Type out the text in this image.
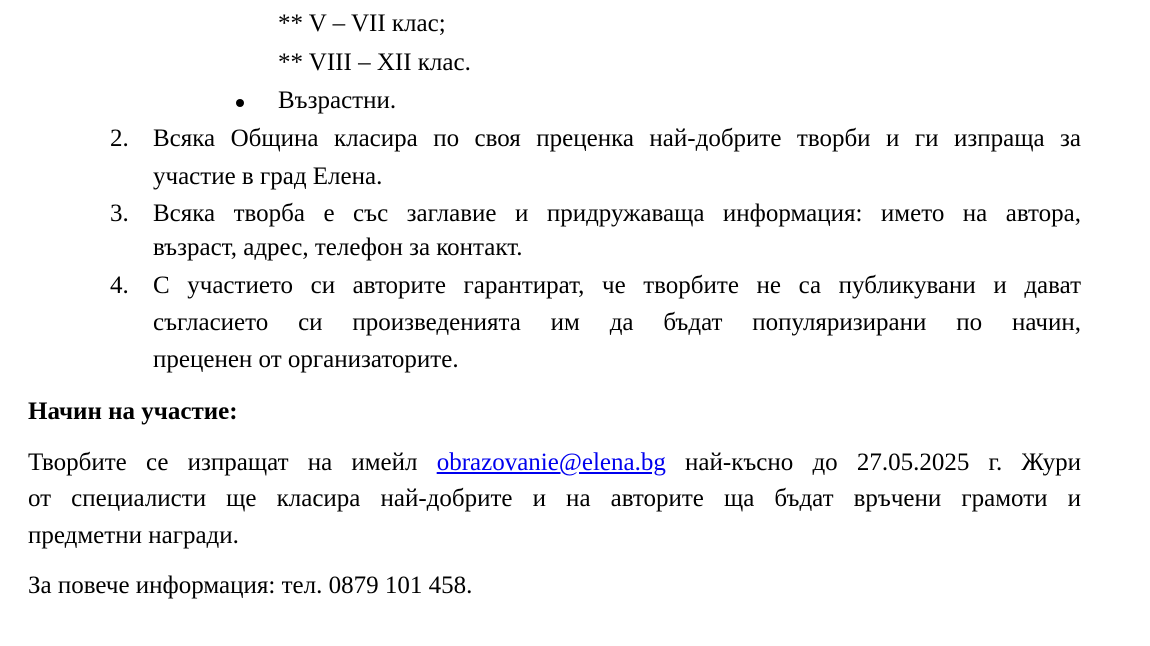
** V – VII клас;
** VIII – XII клас.
Възрастни.
2. Всяка Община класира по своя преценка най-добрите творби и ги изпраща за
участие в град Елена.
3. Всяка творба е със заглавие и придружаваща информация: името на автора,
възраст, адрес, телефон за контакт.
4. С участието си авторите гарантират, че творбите не са публикувани и дават
съгласието си произведенията им да бъдат популяризирани по начин,
преценен от организаторите.
Начин на участие:
Творбите се изпращат на имейл obrazovanie@elena.bg най-късно до 27.05.2025 г. Жури
от специалисти ще класира най-добрите и на авторите ща бъдат връчени грамоти и
предметни награди.
За повече информация: тел. 0879 101 458.
